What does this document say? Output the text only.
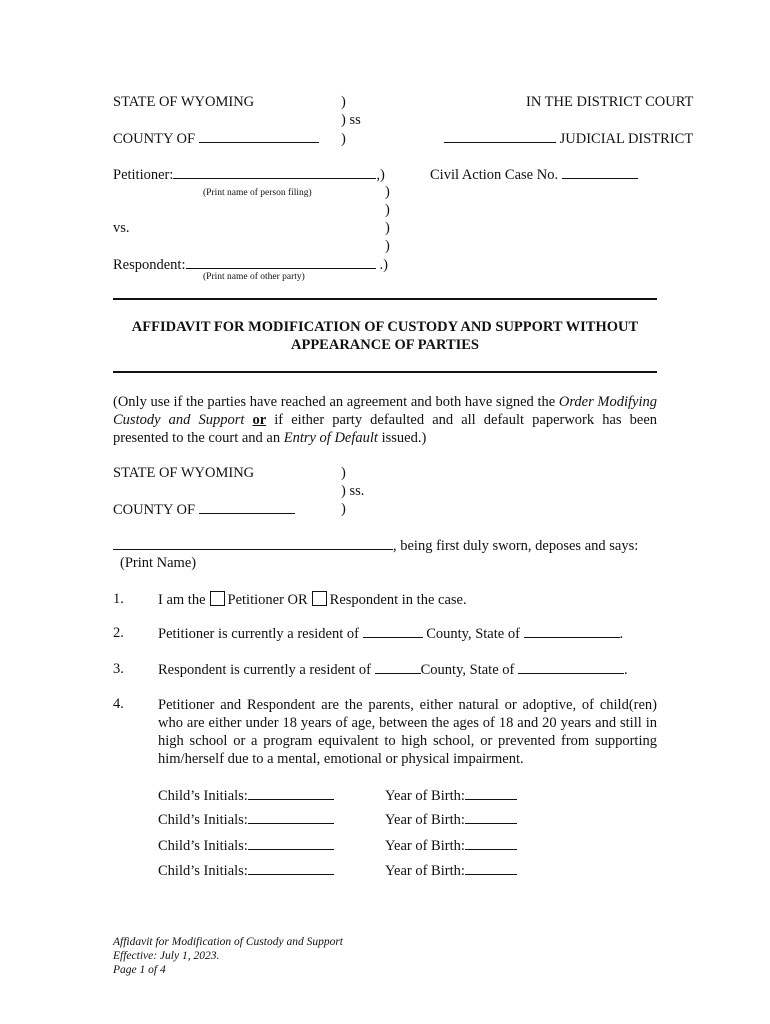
STATE OF WYOMING	)
) ss
)
IN THE DISTRICT COURT
COUNTY OF	JUDICIAL DISTRICT
Petitioner:	,)
(Print name of person filing)
Civil Action Case No.
)
)
)
)
vs.
Respondent:	.)
(Print name of other party)
AFFIDAVIT FOR MODIFICATION OF CUSTODY AND SUPPORT WITHOUT
APPEARANCE OF PARTIES
(Only use if the parties have reached an agreement and both have signed the Order Modifying Custody and Support or if either party defaulted and all default paperwork has been presented to the court and an Entry of Default issued.)
STATE OF WYOMING	)
) ss.
)
COUNTY OF
, being first duly sworn, deposes and says:
(Print Name)
1. I am the Petitioner OR Respondent in the case.
2. Petitioner is currently a resident of	County, State of	.
3. Respondent is currently a resident of	County, State of	.
4. Petitioner and Respondent are the parents, either natural or adoptive, of child(ren) who are either under 18 years of age, between the ages of 18 and 20 years and still in high school or a program equivalent to high school, or prevented from supporting him/herself due to a mental, emotional or physical impairment.
Child’s Initials:	Year of Birth:
Child’s Initials:	Year of Birth:
Child’s Initials:	Year of Birth:
Child’s Initials:	Year of Birth:
Affidavit for Modification of Custody and Support
Effective: July 1, 2023.
Page 1 of 4
